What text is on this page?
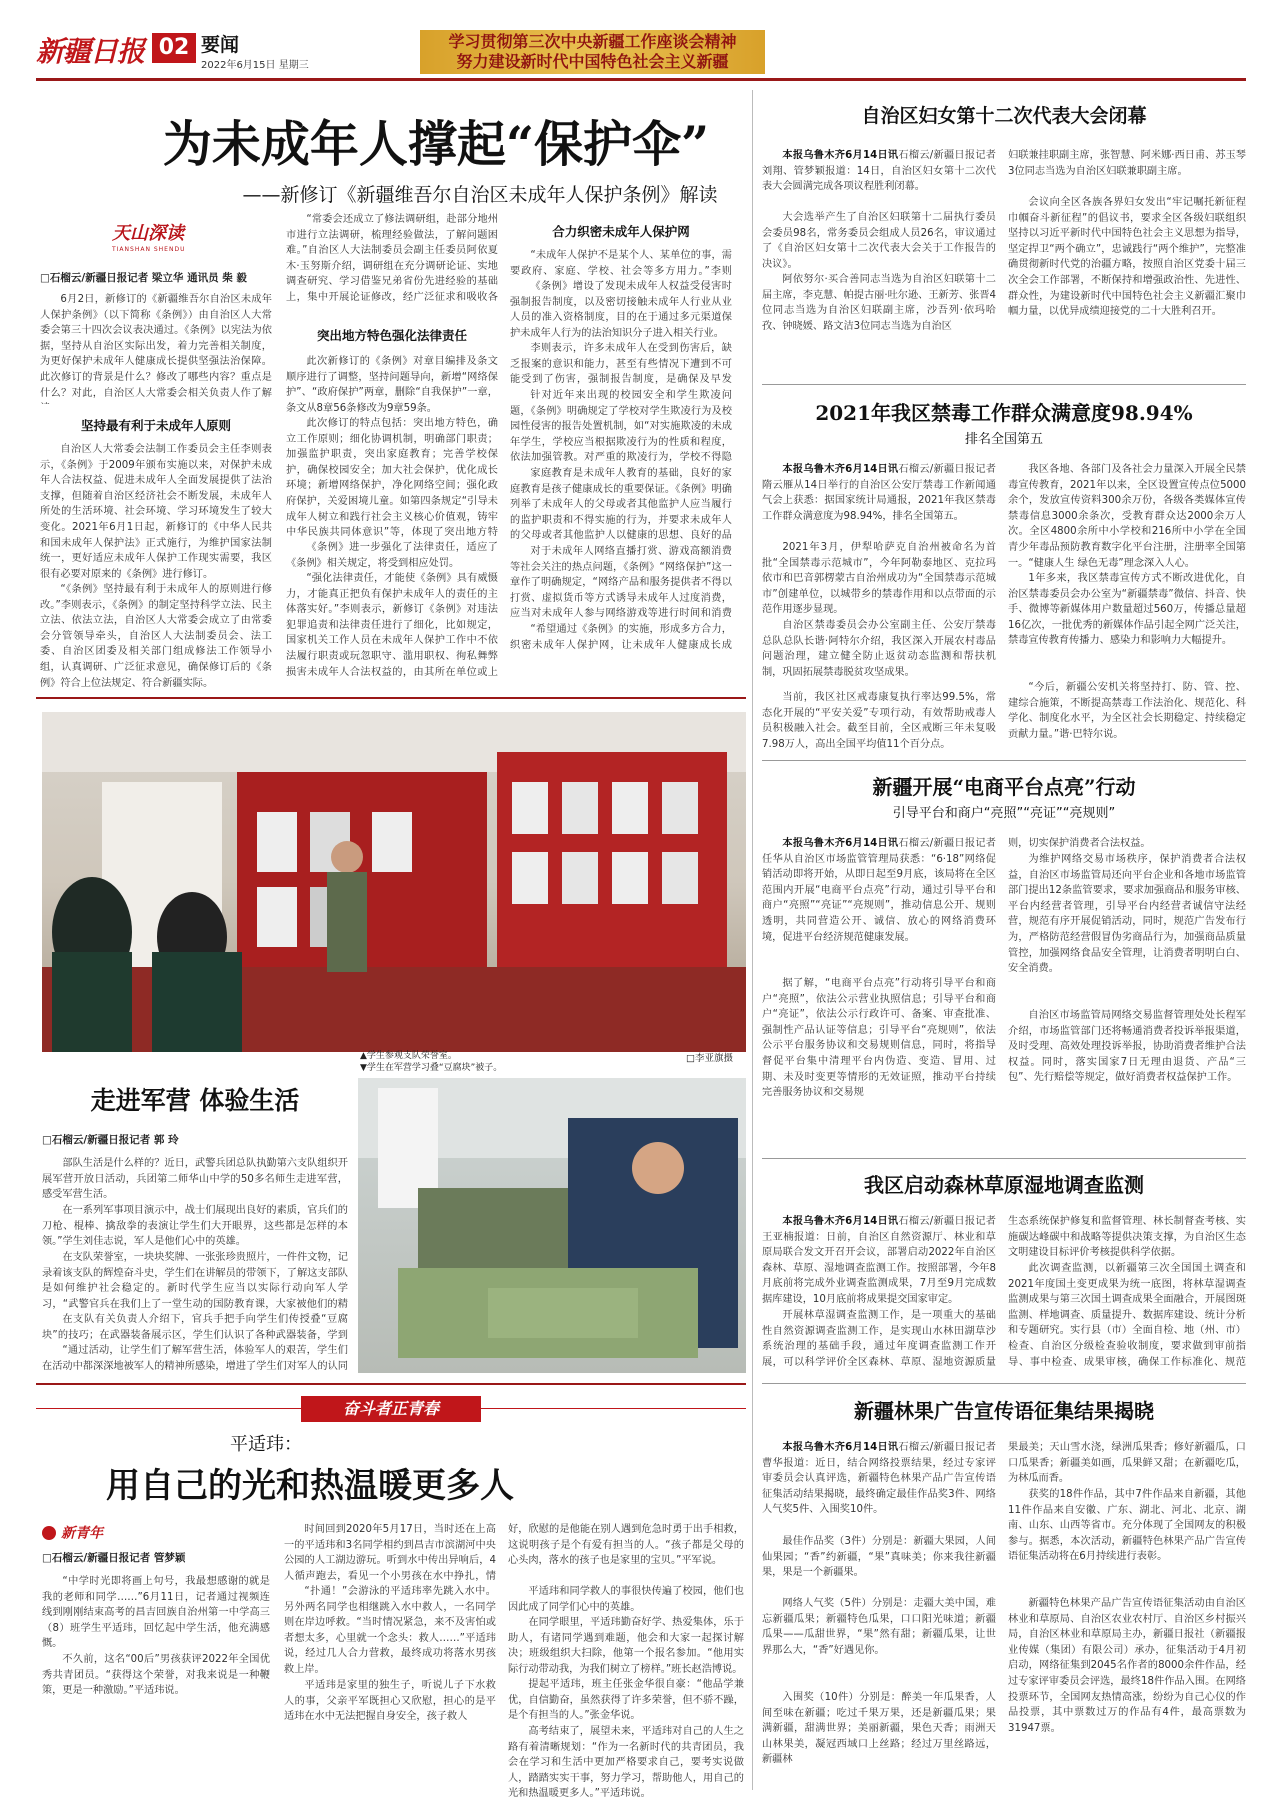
新疆日报 02 要闻
2022年6月15日 星期三
学习贯彻第三次中央新疆工作座谈会精神
努力建设新时代中国特色社会主义新疆
为未成年人撑起“保护伞”
——新修订《新疆维吾尔自治区未成年人保护条例》解读
天山深读
TIANSHAN SHENDU
□石榴云/新疆日报记者 梁立华 通讯员 柴 毅
6月2日，新修订的《新疆维吾尔自治区未成年人保护条例》（以下简称《条例》）由自治区人大常委会第三十四次会议表决通过。《条例》以宪法为依据，坚持从自治区实际出发，着力完善相关制度，为更好保护未成年人健康成长提供坚强法治保障。此次修订的背景是什么？修改了哪些内容？重点是什么？对此，自治区人大常委会相关负责人作了解
坚持最有利于未成年人原则
自治区人大常委会法制工作委员会主任李则表示，《条例》于2009年颁布实施以来，对保护未成年人合法权益、促进未成年人全面发展提供了法治支撑，但随着自治区经济社会不断发展，未成年人所处的生活环境、社会环境、学习环境发生了较大变化。2021年6月1日起，新修订的《中华人民共和国未成年人保护法》正式施行，为维护国家法制统一，更好适应未成年人保护工作现实需要，我区很有必要对原来的《条例》进行修订。
“《条例》坚持最有利于未成年人的原则进行修改。”李则表示，《条例》的制定坚持科学立法、民主立法、依法立法，自治区人大常委会成立了由常委会分管领导牵头，自治区人大法制委员会、法工委、自治区团委及相关部门组成修法工作领导小组，认真调研、广泛征求意见，确保修订后的《条例》符合上位法规定、符合新疆实际。
“常委会还成立了修法调研组，赴部分地州市进行立法调研，梳理经验做法，了解问题困难。”自治区人大法制委员会副主任委员阿依夏木·玉努斯介绍，调研组在充分调研论证、实地调查研究、学习借鉴兄弟省份先进经验的基础上，集中开展论证修改，经广泛征求和吸收各
突出地方特色强化法律责任
此次新修订的《条例》对章目编排及条文顺序进行了调整，坚持问题导向，新增“网络保护”、“政府保护”两章，删除“自我保护”一章，条文从8章56条修改为9章59条。
此次修订的特点包括：突出地方特色，确立工作原则；细化协调机制，明确部门职责；加强监护职责，突出家庭教育；完善学校保护，确保校园安全；加大社会保护，优化成长环境；新增网络保护，净化网络空间；强化政府保护，关爱困境儿童。如第四条规定“引导未成年人树立和践行社会主义核心价值观，铸牢中华民族共同体意识”等，体现了突出地方特
《条例》进一步强化了法律责任，适应了《条例》相关规定，将受到相应处罚。
“强化法律责任，才能使《条例》具有威慑力，才能真正把负有保护未成年人的责任的主体落实好。”李则表示，新修订《条例》对违法犯罪追责和法律责任进行了细化，比如规定，国家机关工作人员在未成年人保护工作中不依法履行职责或玩忽职守、滥用职权、徇私舞弊损害未成年人合法权益的，由其所在单位或上
合力织密未成年人保护网
“未成年人保护不是某个人、某单位的事，需要政府、家庭、学校、社会等多方用力。”李则
《条例》增设了发现未成年人权益受侵害时强制报告制度，以及密切接触未成年人行业从业人员的准入资格制度，目的在于通过多元渠道保护未成年人行为的法治知识分子进入相关行业。
李则表示，许多未成年人在受到伤害后，缺乏报案的意识和能力，甚至有些情况下遭到不可能受到了伤害，强制报告制度，是确保及早发
针对近年来出现的校园安全和学生欺凌问题，《条例》明确规定了学校对学生欺凌行为及校园性侵害的报告处置机制，如“对实施欺凌的未成年学生，学校应当根据欺凌行为的性质和程度，依法加强管教。对严重的欺凌行为，学校不得隐
家庭教育是未成年人教育的基础，良好的家庭教育是孩子健康成长的重要保证。《条例》明确列举了未成年人的父母或者其他监护人应当履行的监护职责和不得实施的行为，并要求未成年人的父母或者其他监护人以健康的思想、良好的品
对于未成年人网络直播打赏、游戏高额消费等社会关注的热点问题，《条例》“网络保护”这一章作了明确规定，“网络产品和服务提供者不得以打赏、虚拟货币等方式诱导未成年人过度消费，应当对未成年人参与网络游戏等进行时间和消费
“希望通过《条例》的实施，形成多方合力，织密未成年人保护网，让未成年人健康成长成
▲学生参观支队荣誉室。
▼学生在军营学习叠“豆腐块”被子。
□李亚旗摄
走进军营 体验生活
□石榴云/新疆日报记者 郭 玲
部队生活是什么样的？近日，武警兵团总队执勤第六支队组织开展军营开放日活动，兵团第二师华山中学的50多名师生走进军营，感受军营生活。
在一系列军事项目演示中，战士们展现出良好的素质，官兵们的刀枪、棍棒、擒敌拳的表演让学生们大开眼界，这些都是怎样的本领。”学生刘佳志说，军人是他们心中的英雄。
在支队荣誉室，一块块奖牌、一张张珍贵照片，一件件文物，记录着该支队的辉煌奋斗史，学生们在讲解员的带领下，了解这支部队是如何维护社会稳定的。新时代学生应当以实际行动向军人学习，“武警官兵在我们上了一堂生动的国防教育课，大家被他们的精
在支队有关负责人介绍下，官兵手把手向学生们传授叠“豆腐块”的技巧；在武器装备展示区，学生们认识了各种武器装备，学到
“通过活动，让学生们了解军营生活，体验军人的艰苦，学生们在活动中都深深地被军人的精神所感染，增进了学生们对军人的认同
奋斗者正青春
平适玮：
用自己的光和热温暖更多人
新青年
□石榴云/新疆日报记者 管梦颖
“中学时光即将画上句号，我最想感谢的就是我的老师和同学……”6月11日，记者通过视频连线到刚刚结束高考的昌吉回族自治州第一中学高三（8）班学生平适玮，回忆起中学生活，他充满感慨。
不久前，这名“00后”男孩获评2022年全国优秀共青团员。“获得这个荣誉，对我来说是一种鞭策，更是一种激励。”平适玮说。
时间回到2020年5月17日，当时还在上高一的平适玮和3名同学相约到昌吉市滨湖河中央公园的人工湖边游玩。听到水中传出异响后，4人循声跑去，看见一个小男孩在水中挣扎，情
“扑通！”会游泳的平适玮率先跳入水中。另外两名同学也相继跳入水中救人，一名同学则在岸边呼救。“当时情况紧急，来不及害怕或者想太多，心里就一个念头：救人……”平适玮说，经过几人合力营救，最终成功将落水男孩救上岸。
平适玮是家里的独生子，听说儿子下水救人的事，父亲平军既担心又欣慰，担心的是平适玮在水中无法把握自身安全，孩子救人
好，欣慰的是他能在别人遇到危急时勇于出手相救，这说明孩子是个有爱有担当的人。“孩子都是父母的心头肉，落水的孩子也是家里的宝贝。”平军说。
平适玮和同学救人的事很快传遍了校园，他们也因此成了同学们心中的英雄。
在同学眼里，平适玮勤奋好学、热爱集体，乐于助人，有诸同学遇到难题，他会和大家一起探讨解决；班级组织大扫除，他第一个报名参加。“他用实际行动带动我，为我们树立了榜样。”班长赵浩博说。
提起平适玮，班主任张金华很自豪：“他品学兼优，自信勤奋，虽然获得了许多荣誉，但不骄不躁，是个有担当的人。”张金华说。
高考结束了，展望未来，平适玮对自己的人生之路有着清晰规划：“作为一名新时代的共青团员，我会在学习和生活中更加严格要求自己，要考实说做人，踏踏实实干事，努力学习，帮助他人，用自己的光和热温暖更多人。”平适玮说。
自治区妇女第十二次代表大会闭幕
本报乌鲁木齐6月14日讯石榴云/新疆日报记者刘翔、管梦颖报道：14日，自治区妇女第十二次代表大会圆满完成各项议程胜利闭幕。
大会选举产生了自治区妇联第十二届执行委员会委员98名，常务委员会组成人员26名，审议通过了《自治区妇女第十二次代表大会关于工作报告的决议》。
阿依努尔·买合善同志当选为自治区妇联第十二届主席，李克慧、帕提古丽·吐尔逊、王新芳、张晋4位同志当选为自治区妇联副主席，沙吾列·依玛哈孜、钟晓媛、路文洁3位同志当选为自治区
妇联兼挂职副主席，张智慧、阿米娜·西日甫、苏玉琴3位同志当选为自治区妇联兼职副主席。
会议向全区各族各界妇女发出“牢记嘱托新征程 巾帼奋斗新征程”的倡议书，要求全区各级妇联组织坚持以习近平新时代中国特色社会主义思想为指导，坚定捍卫“两个确立”，忠诚践行“两个维护”，完整准确贯彻新时代党的治疆方略，按照自治区党委十届三次全会工作部署，不断保持和增强政治性、先进性、群众性，为建设新时代中国特色社会主义新疆汇聚巾帼力量，以优异成绩迎接党的二十大胜利召开。
2021年我区禁毒工作群众满意度98.94%
排名全国第五
本报乌鲁木齐6月14日讯石榴云/新疆日报记者隋云雁从14日举行的自治区公安厅禁毒工作新闻通气会上获悉：据国家统计局通报，2021年我区禁毒工作群众满意度为98.94%，排名全国第五。
2021年3月，伊犁哈萨克自治州被命名为首批“全国禁毒示范城市”，今年阿勒泰地区、克拉玛依市和巴音郭楞蒙古自治州成功为“全国禁毒示范城市”创建单位，以城带乡的禁毒作用和以点带面的示范作用逐步显现。
自治区禁毒委员会办公室副主任、公安厅禁毒总队总队长谐·阿特尔介绍，我区深入开展农村毒品问题治理，建立健全防止返贫动态监测和帮扶机制，巩固拓展禁毒脱贫攻坚成果。
当前，我区社区戒毒康复执行率达99.5%，常态化开展的“平安关爱”专项行动，有效帮助戒毒人员积极融入社会。截至目前，全区戒断三年未复吸7.98万人，高出全国平均值11个百分点。
我区各地、各部门及各社会力量深入开展全民禁毒宣传教育，2021年以来，全区设置宣传点位5000余个，发放宣传资料300余万份，各级各类媒体宣传禁毒信息3000余条次，受教育群众达2000余万人次。全区4800余所中小学校和216所中小学在全国青少年毒品预防教育数字化平台注册，注册率全国第一。“健康人生 绿色无毒”理念深入人心。
1年多来，我区禁毒宣传方式不断改进优化，自治区禁毒委员会办公室为“新疆禁毒”微信、抖音、快手、微博等新媒体用户数量超过560万，传播总量超16亿次，一批优秀的新媒体作品引起全网广泛关注，禁毒宣传教育传播力、感染力和影响力大幅提升。
“今后，新疆公安机关将坚持打、防、管、控、建综合施策，不断提高禁毒工作法治化、规范化、科学化、制度化水平，为全区社会长期稳定、持续稳定贡献力量。”谐·巴特尔说。
新疆开展“电商平台点亮”行动
引导平台和商户“亮照”“亮证”“亮规则”
本报乌鲁木齐6月14日讯石榴云/新疆日报记者任华从自治区市场监管管理局获悉：“6·18”网络促销活动即将开始，从即日起至9月底，该局将在全区范围内开展“电商平台点亮”行动，通过引导平台和商户“亮照”“亮证”“亮规则”，推动信息公开、规则透明，共同营造公开、诚信、放心的网络消费环境，促进平台经济规范健康发展。
据了解，“电商平台点亮”行动将引导平台和商户“亮照”，依法公示营业执照信息；引导平台和商户“亮证”，依法公示行政许可、备案、审查批准、强制性产品认证等信息；引导平台“亮规则”，依法公示平台服务协议和交易规则信息，同时，将指导督促平台集中清理平台内伪造、变造、冒用、过期、未及时变更等情形的无效证照，推动平台持续完善服务协议和交易规
则，切实保护消费者合法权益。
为维护网络交易市场秩序，保护消费者合法权益，自治区市场监管局还向平台企业和各地市场监管部门提出12条监管要求，要求加强商品和服务审核、平台内经营者管理，引导平台内经营者诚信守法经营，规范有序开展促销活动，同时，规范广告发布行为，严格防范经营假冒伪劣商品行为，加强商品质量管控，加强网络食品安全管理，让消费者明明白白、安全消费。
自治区市场监管局网络交易监督管理处处长程军介绍，市场监管部门还将畅通消费者投诉举报渠道，及时受理、高效处理投诉举报，协助消费者维护合法权益。同时，落实国家7日无理由退货、产品“三包”、先行赔偿等规定，做好消费者权益保护工作。
我区启动森林草原湿地调查监测
本报乌鲁木齐6月14日讯石榴云/新疆日报记者王亚楠报道：日前，自治区自然资源厅、林业和草原局联合发文开召开会议，部署启动2022年自治区森林、草原、湿地调查监测工作。按照部署，今年8月底前将完成外业调查监测成果，7月至9月完成数据库建设，10月底前将成果提交国家审定。
开展林草湿调查监测工作，是一项重大的基础性自然资源调查监测工作，是实现山水林田湖草沙系统治理的基础手段，通过年度调查监测工作开展，可以科学评价全区森林、草原、湿地资源质量
生态系统保护修复和监督管理、林长制督查考核、实施碳达峰碳中和战略等提供决策支撑，为自治区生态文明建设目标评价考核提供科学依据。
此次调查监测，以新疆第三次全国国土调查和2021年度国土变更成果为统一底图，将林草湿调查监测成果与第三次国土调查成果全面融合，开展图斑监测、样地调查、质量提升、数据库建设、统计分析和专题研究。实行县（市）全面自检、地（州、市）检查、自治区分级检查验收制度，要求做到审前指导、事中检查、成果审核，确保工作标准化、规范
新疆林果广告宣传语征集结果揭晓
本报乌鲁木齐6月14日讯石榴云/新疆日报记者曹华报道：近日，结合网络投票结果，经过专家评审委员会认真评选，新疆特色林果产品广告宣传语征集活动结果揭晓，最终确定最佳作品奖3件、网络人气奖5件、入围奖10件。
最佳作品奖（3件）分别是：新疆大果园，人间仙果园；“香”约新疆，“果”真味美；你来我往新疆果，果是一个新疆果。
网络人气奖（5件）分别是：走疆大美中国，难忘新疆瓜果；新疆特色瓜果，口口阳光味道；新疆瓜果——瓜甜世界，“果”然有甜；新疆瓜果，让世界那么大，“香”好遇见你。
入围奖（10件）分别是：醉美一年瓜果香，人间至味在新疆；吃过千果万果，还是新疆瓜果；果满新疆，甜满世界；美丽新疆，果色天香；雨洲天山林果美，凝冠西域口上丝路；经过万里丝路远，新疆林
果最美；天山雪水浇，绿洲瓜果香；修好新疆瓜，口口瓜果香；新疆美如画，瓜果鲜又甜；在新疆吃瓜，为林瓜而香。
获奖的18件作品，其中7件作品来自新疆，其他11件作品来自安徽、广东、湖北、河北、北京、湖南、山东、山西等省市。充分体现了全国网友的积极参与。据悉，本次活动，新疆特色林果产品广告宣传语征集活动将在6月持续进行表彰。
新疆特色林果产品广告宣传语征集活动由自治区林业和草原局、自治区农业农村厅、自治区乡村振兴局，自治区林业和草原局主办，新疆日报社（新疆报业传媒（集团）有限公司）承办，征集活动于4月初启动，网络征集到2045名作者的8000余件作品，经过专家评审委员会评选，最终18件作品入围。在网络投票环节，全国网友热情高涨，纷纷为自己心仪的作品投票，其中票数过万的作品有4件，最高票数为31947票。
